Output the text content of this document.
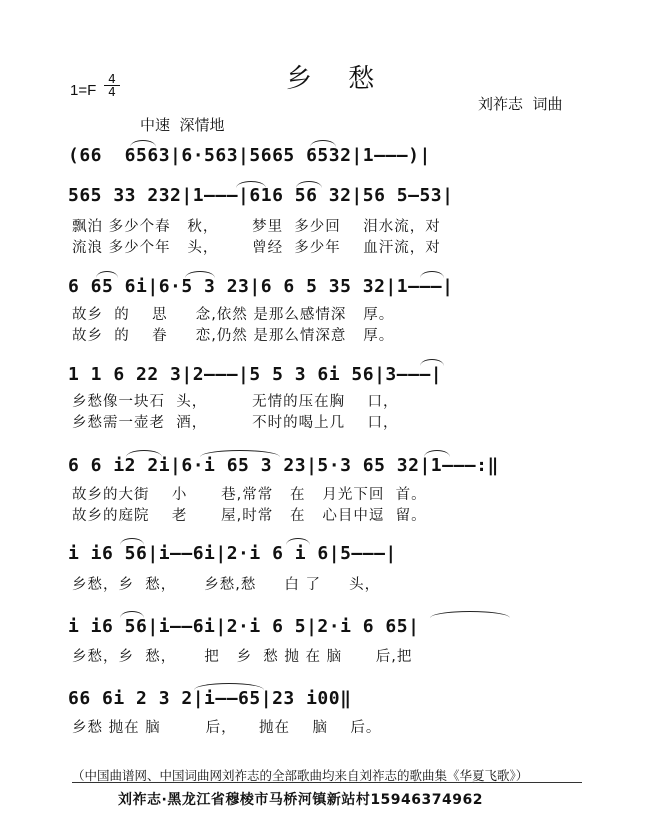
乡 愁
1=F
4
4
刘祚志  词曲
中速  深情地
(66  6563|6·563|5665 6532|1———)|
565 33 232|1———|616 56 32|56 5—53|
飘泊 多少个春   秋，      梦里  多少回    泪水流，对
流浪 多少个年   头，      曾经  多少年    血汗流，对
6 65 6i|6·5 3 23|6 6 5 35 32|1———|
故乡  的    思     念,依然 是那么感情深   厚。
故乡  的    眷     恋,仍然 是那么情深意   厚。
1 1 6 22 3|2———|5 5 3 6i 56|3———|
乡愁像一块石  头，        无情的压在胸    口，
乡愁需一壶老  酒，        不时的喝上几    口，
6 6 i2 2i|6·i 65 3 23|5·3 65 32|1———:‖
故乡的大街    小      巷,常常   在   月光下回  首。
故乡的庭院    老      屋,时常   在   心目中逗  留。
i i6 56|i——6i|2·i 6 i 6|5———|
乡愁，乡  愁，     乡愁,愁     白 了     头，
i i6 56|i——6i|2·i 6 5|2·i 6 65|
乡愁，乡  愁，     把   乡  愁 抛 在 脑      后,把
66 6i 2 3 2|i——65|23 i00‖
乡愁 抛在 脑        后，    抛在    脑    后。
（中国曲谱网、中国词曲网刘祚志的全部歌曲均来自刘祚志的歌曲集《华夏飞歌》）
刘祚志·黑龙江省穆棱市马桥河镇新站村15946374962
